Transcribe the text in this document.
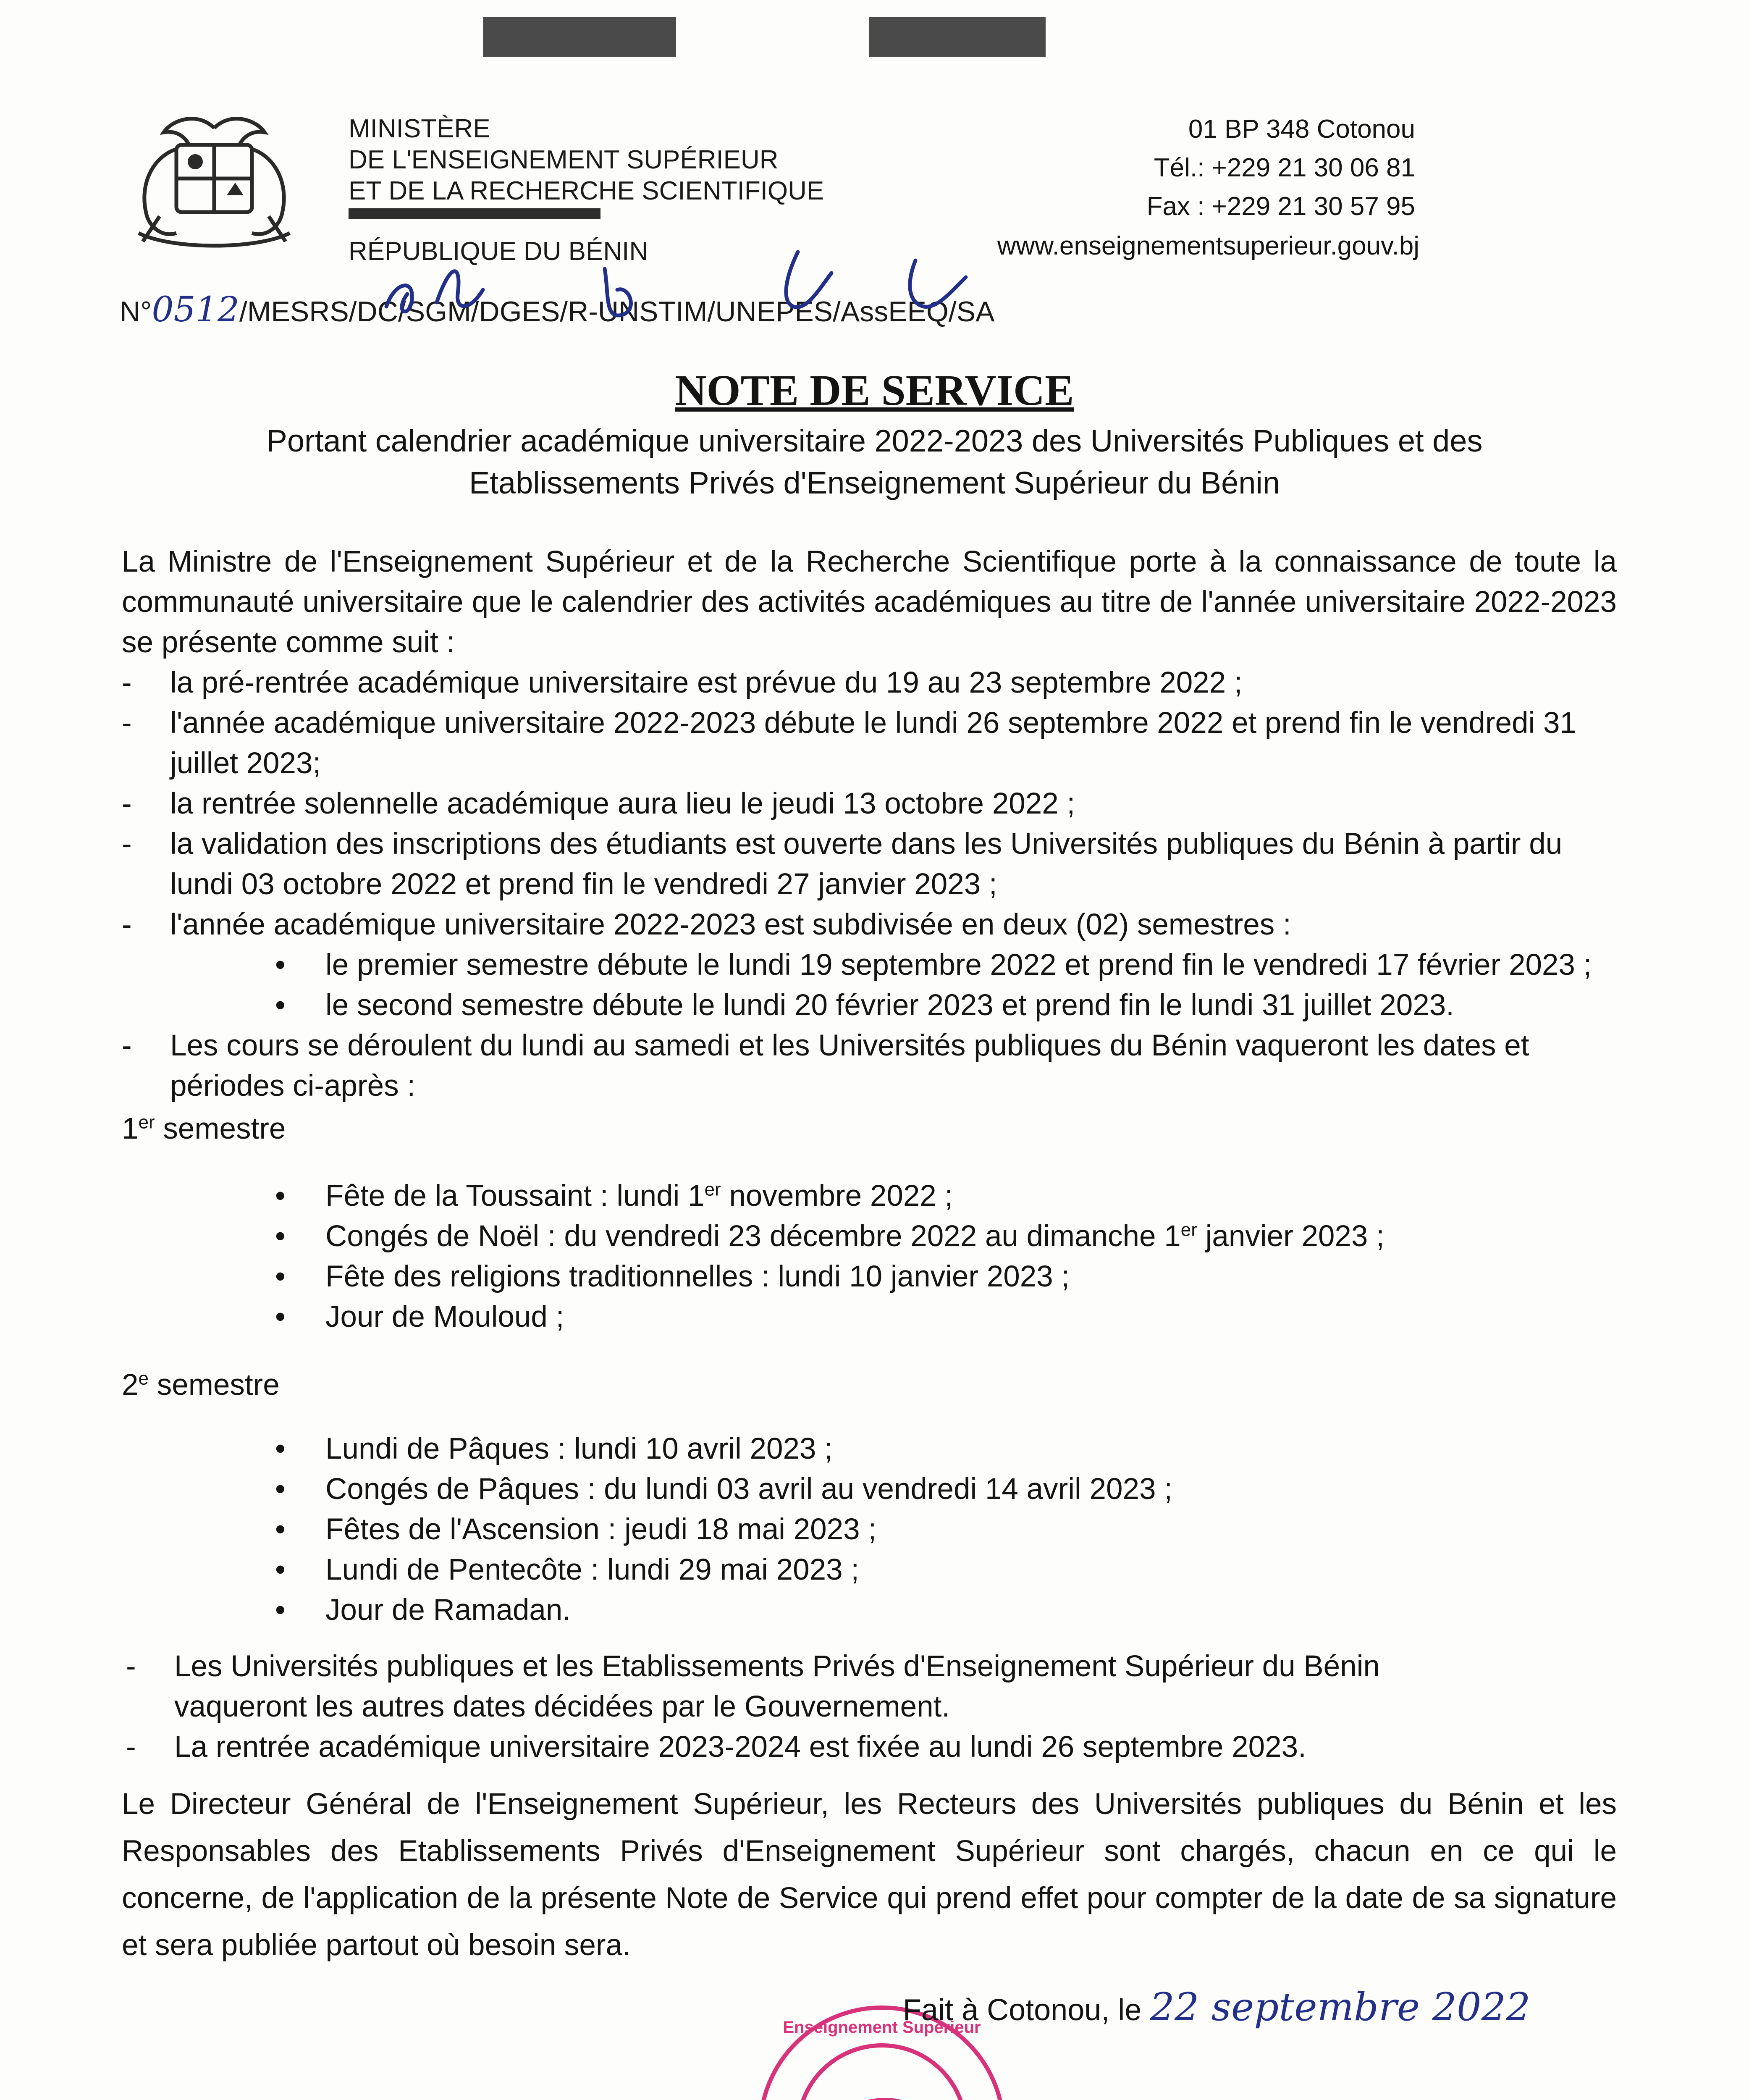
MINISTÈRE
DE L'ENSEIGNEMENT SUPÉRIEUR
ET DE LA RECHERCHE SCIENTIFIQUE
RÉPUBLIQUE DU BÉNIN
01 BP 348 Cotonou
Tél.: +229 21 30 06 81
Fax : +229 21 30 57 95
www.enseignementsuperieur.gouv.bj
N°0512/MESRS/DC/SGM/DGES/R-UNSTIM/UNEPES/AssEEQ/SA
NOTE DE SERVICE
Portant calendrier académique universitaire 2022-2023 des Universités Publiques et des
Etablissements Privés d'Enseignement Supérieur du Bénin
La Ministre de l'Enseignement Supérieur et de la Recherche Scientifique porte à la connaissance de toute la communauté universitaire que le calendrier des activités académiques au titre de l'année universitaire 2022-2023 se présente comme suit :
- la pré-rentrée académique universitaire est prévue du 19 au 23 septembre 2022 ;
- l'année académique universitaire 2022-2023 débute le lundi 26 septembre 2022 et prend fin le vendredi 31 juillet 2023;
- la rentrée solennelle académique aura lieu le jeudi 13 octobre 2022 ;
- la validation des inscriptions des étudiants est ouverte dans les Universités publiques du Bénin à partir du lundi 03 octobre 2022 et prend fin le vendredi 27 janvier 2023 ;
- l'année académique universitaire 2022-2023 est subdivisée en deux (02) semestres :
• le premier semestre débute le lundi 19 septembre 2022 et prend fin le vendredi 17 février 2023 ;
• le second semestre débute le lundi 20 février 2023 et prend fin le lundi 31 juillet 2023.
- Les cours se déroulent du lundi au samedi et les Universités publiques du Bénin vaqueront les dates et périodes ci-après :

1er semestre

• Fête de la Toussaint : lundi 1er novembre 2022 ;
• Congés de Noël : du vendredi 23 décembre 2022 au dimanche 1er janvier 2023 ;
• Fête des religions traditionnelles : lundi 10 janvier 2023 ;
• Jour de Mouloud ;

2e semestre

• Lundi de Pâques : lundi 10 avril 2023 ;
• Congés de Pâques : du lundi 03 avril au vendredi 14 avril 2023 ;
• Fêtes de l'Ascension : jeudi 18 mai 2023 ;
• Lundi de Pentecôte : lundi 29 mai 2023 ;
• Jour de Ramadan.
- Les Universités publiques et les Etablissements Privés d'Enseignement Supérieur du Bénin vaqueront les autres dates décidées par le Gouvernement.
- La rentrée académique universitaire 2023-2024 est fixée au lundi 26 septembre 2023.
Le Directeur Général de l'Enseignement Supérieur, les Recteurs des Universités publiques du Bénin et les Responsables des Etablissements Privés d'Enseignement Supérieur sont chargés, chacun en ce qui le concerne, de l'application de la présente Note de Service qui prend effet pour compter de la date de sa signature et sera publiée partout où besoin sera.
Enseignement Supérieur
Fait à Cotonou, le 22 septembre 2022
